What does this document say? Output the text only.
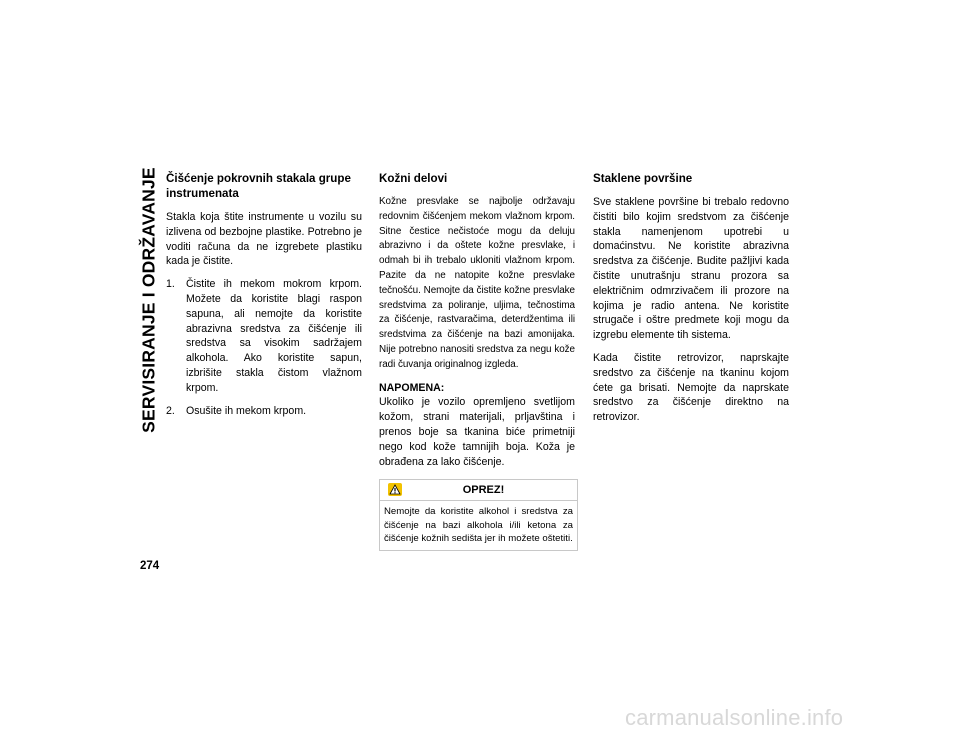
SERVISIRANJE I ODRŽAVANJE
274
Čišćenje pokrovnih stakala grupe instrumenata

Stakla koja štite instrumente u vozilu su izlivena od bezbojne plastike. Potrebno je voditi računa da ne izgrebete plastiku kada je čistite.

1. Čistite ih mekom mokrom krpom. Možete da koristite blagi raspon sapuna, ali nemojte da koristite abrazivna sredstva za čišćenje ili sredstva sa visokim sadržajem alkohola. Ako koristite sapun, izbrišite stakla čistom vlažnom krpom.
2. Osušite ih mekom krpom.
Kožni delovi

Kožne presvlake se najbolje održavaju redovnim čišćenjem mekom vlažnom krpom. Sitne čestice nečistoće mogu da deluju abrazivno i da oštete kožne presvlake, i odmah bi ih trebalo ukloniti vlažnom krpom. Pazite da ne natopite kožne presvlake tečnošću. Nemojte da čistite kožne presvlake sredstvima za poliranje, uljima, tečnostima za čišćenje, rastvaračima, deterdžentima ili sredstvima za čišćenje na bazi amonijaka. Nije potrebno nanositi sredstva za negu kože radi čuvanja originalnog izgleda.

NAPOMENA:

Ukoliko je vozilo opremljeno svetlijom kožom, strani materijali, prljavština i prenos boje sa tkanina biće primetniji nego kod kože tamnijih boja. Koža je obrađena za lako čišćenje.

OPREZ!
Nemojte da koristite alkohol i sredstva za čišćenje na bazi alkohola i/ili ketona za čišćenje kožnih sedišta jer ih možete oštetiti.
Staklene površine

Sve staklene površine bi trebalo redovno čistiti bilo kojim sredstvom za čišćenje stakla namenjenom upotrebi u domaćinstvu. Ne koristite abrazivna sredstva za čišćenje. Budite pažljivi kada čistite unutrašnju stranu prozora sa električnim odmrzivačem ili prozore na kojima je radio antena. Ne koristite strugače i oštre predmete koji mogu da izgrebu elemente tih sistema.

Kada čistite retrovizor, naprskajte sredstvo za čišćenje na tkaninu kojom ćete ga brisati. Nemojte da naprskate sredstvo za čišćenje direktno na retrovizor.

carmanualsonline.info
